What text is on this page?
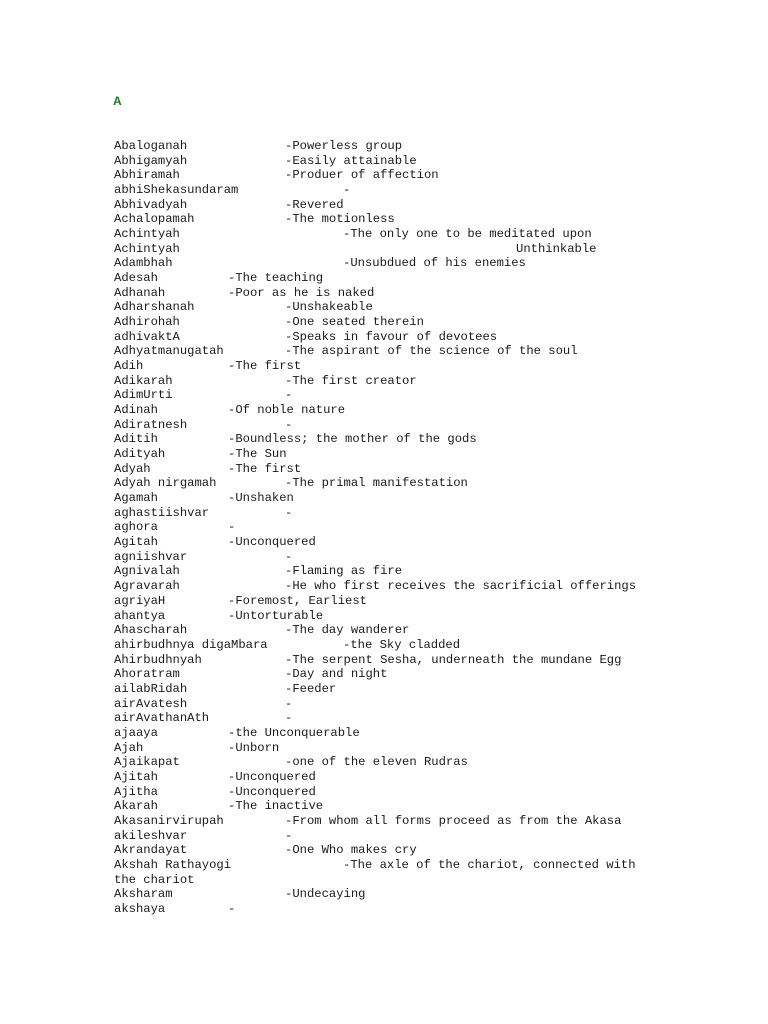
A
Abaloganah	-Powerless group
Abhigamyah	-Easily attainable
Abhiramah	-Produer of affection
abhiShekasundaram	-
Abhivadyah	-Revered
Achalopamah	-The motionless
Achintyah	-The only one to be meditated upon
Achintyah	Unthinkable
Adambhah	-Unsubdued of his enemies
Adesah	-The teaching
Adhanah	-Poor as he is naked
Adharshanah	-Unshakeable
Adhirohah	-One seated therein
adhivaktA	-Speaks in favour of devotees
Adhyatmanugatah	-The aspirant of the science of the soul
Adih	-The first
Adikarah	-The first creator
AdimUrti	-
Adinah	-Of noble nature
Adiratnesh	-
Aditih	-Boundless; the mother of the gods
Adityah	-The Sun
Adyah	-The first
Adyah nirgamah	-The primal manifestation
Agamah	-Unshaken
aghastiishvar	-
aghora	-
Agitah	-Unconquered
agniishvar	-
Agnivalah	-Flaming as fire
Agravarah	-He who first receives the sacrificial offerings
agriyaH	-Foremost, Earliest
ahantya	-Untorturable
Ahascharah	-The day wanderer
ahirbudhnya digaMbara	-the Sky cladded
Ahirbudhnyah	-The serpent Sesha, underneath the mundane Egg
Ahoratram	-Day and night
ailabRidah	-Feeder
airAvatesh	-
airAvathanAth	-
ajaaya	-the Unconquerable
Ajah	-Unborn
Ajaikapat	-one of the eleven Rudras
Ajitah	-Unconquered
Ajitha	-Unconquered
Akarah	-The inactive
Akasanirvirupah	-From whom all forms proceed as from the Akasa
akileshvar	-
Akrandayat	-One Who makes cry
Akshah Rathayogi	-The axle of the chariot, connected with
the chariot
Aksharam	-Undecaying
akshaya	-
